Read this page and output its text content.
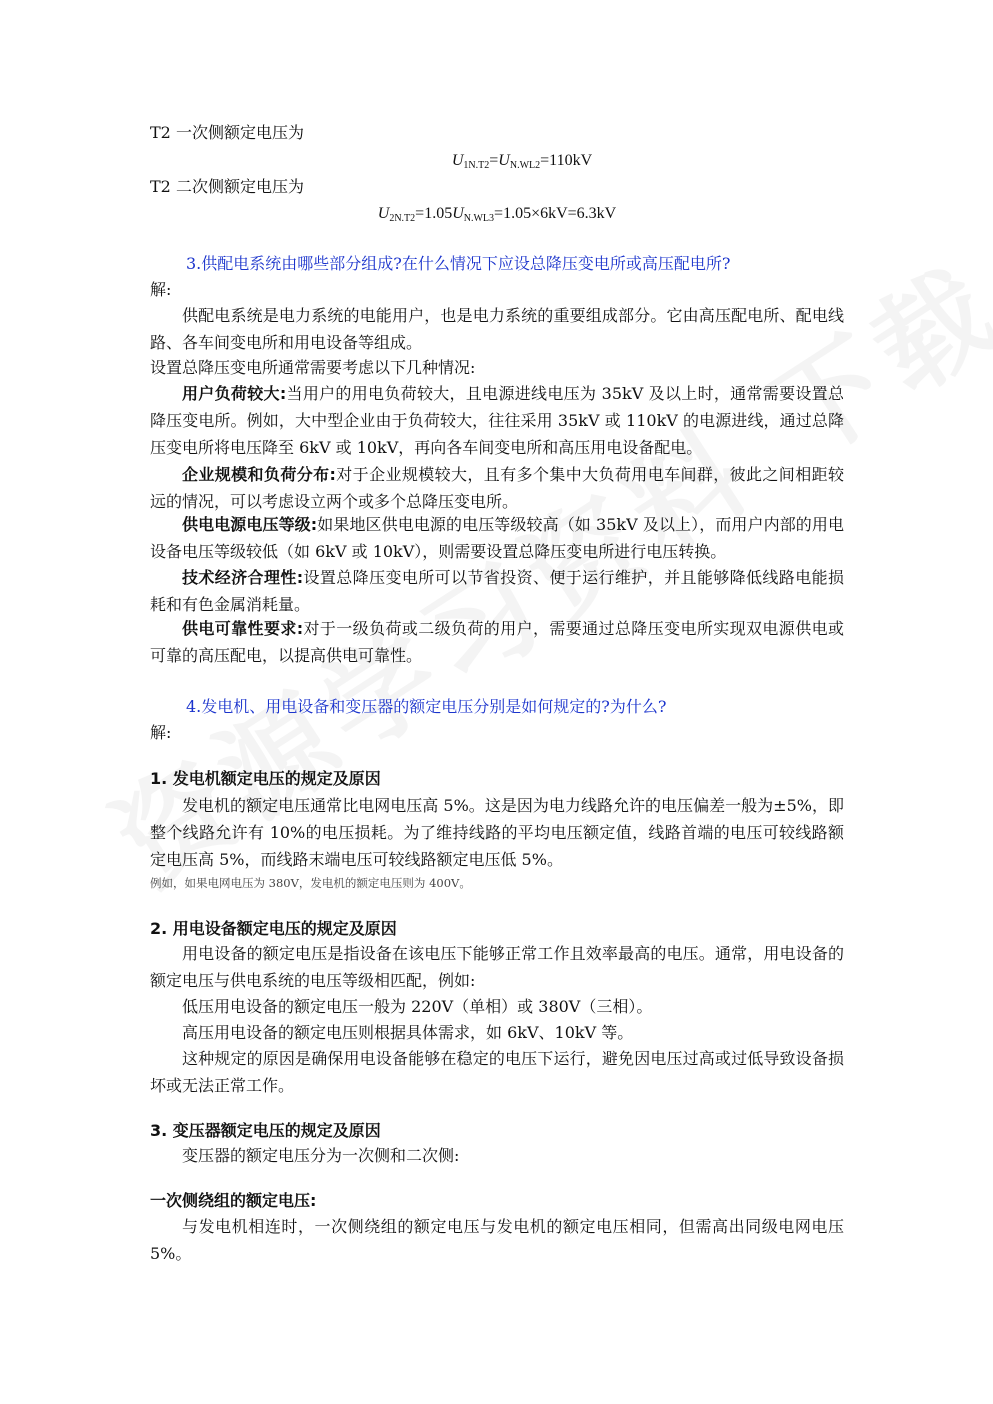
T2 一次侧额定电压为
$U_{1N.T2}=U_{N.WL2}=110kV$
T2 二次侧额定电压为
$U_{2N.T2}=1.05U_{N.WL3}=1.05\times 6kV=6.3kV$
3.供配电系统由哪些部分组成?在什么情况下应设总降压变电所或高压配电所?
解:

供配电系统是电力系统的电能用户，也是电力系统的重要组成部分。它由高压配电所、配电线路、各车间变电所和用电设备等组成。

设置总降压变电所通常需要考虑以下几种情况:

用户负荷较大:当用户的用电负荷较大，且电源进线电压为 35kV 及以上时，通常需要设置总降压变电所。例如，大中型企业由于负荷较大，往往采用 35kV 或 110kV 的电源进线，通过总降压变电所将电压降至 6kV 或 10kV，再向各车间变电所和高压用电设备配电。

企业规模和负荷分布:对于企业规模较大，且有多个集中大负荷用电车间群，彼此之间相距较远的情况，可以考虑设立两个或多个总降压变电所。

供电电源电压等级:如果地区供电电源的电压等级较高（如 35kV 及以上），而用户内部的用电设备电压等级较低（如 6kV 或 10kV），则需要设置总降压变电所进行电压转换。

技术经济合理性:设置总降压变电所可以节省投资、便于运行维护，并且能够降低线路电能损耗和有色金属消耗量。

供电可靠性要求:对于一级负荷或二级负荷的用户，需要通过总降压变电所实现双电源供电或可靠的高压配电，以提高供电可靠性。

4.发电机、用电设备和变压器的额定电压分别是如何规定的?为什么?
解:
1. 发电机额定电压的规定及原因

发电机的额定电压通常比电网电压高 5%。这是因为电力线路允许的电压偏差一般为±5%，即整个线路允许有 10%的电压损耗。为了维持线路的平均电压额定值，线路首端的电压可较线路额定电压高 5%，而线路末端电压可较线路额定电压低 5%。

例如，如果电网电压为 380V，发电机的额定电压则为 400V。
2. 用电设备额定电压的规定及原因

用电设备的额定电压是指设备在该电压下能够正常工作且效率最高的电压。通常，用电设备的额定电压与供电系统的电压等级相匹配，例如:

低压用电设备的额定电压一般为 220V（单相）或 380V（三相）。

高压用电设备的额定电压则根据具体需求，如 6kV、10kV 等。

这种规定的原因是确保用电设备能够在稳定的电压下运行，避免因电压过高或过低导致设备损坏或无法正常工作。

3. 变压器额定电压的规定及原因

变压器的额定电压分为一次侧和二次侧:

一次侧绕组的额定电压:

与发电机相连时，一次侧绕组的额定电压与发电机的额定电压相同，但需高出同级电网电压 5%。
